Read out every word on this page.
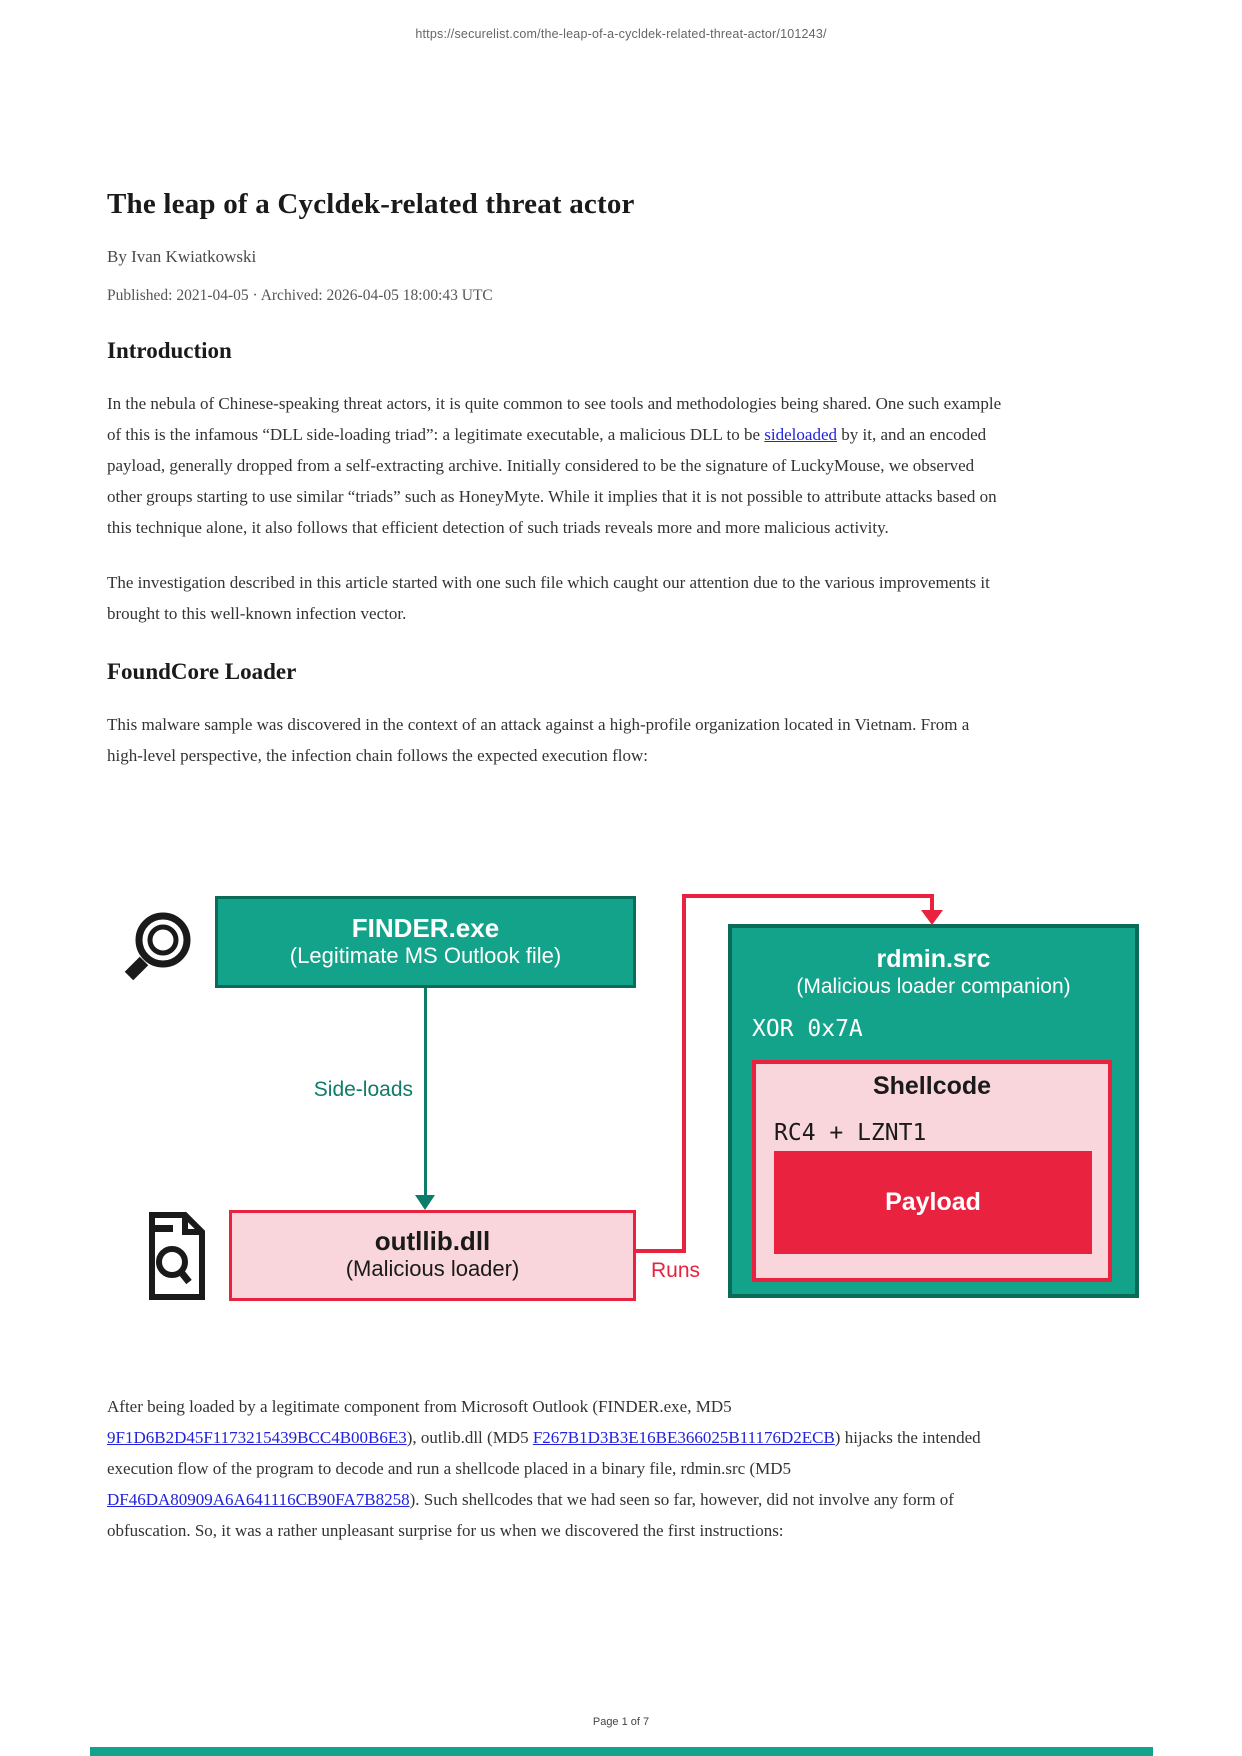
https://securelist.com/the-leap-of-a-cycldek-related-threat-actor/101243/
The leap of a Cycldek-related threat actor
By Ivan Kwiatkowski
Published: 2021-04-05 · Archived: 2026-04-05 18:00:43 UTC
Introduction

In the nebula of Chinese-speaking threat actors, it is quite common to see tools and methodologies being shared. One such example of this is the infamous “DLL side-loading triad”: a legitimate executable, a malicious DLL to be sideloaded by it, and an encoded payload, generally dropped from a self-extracting archive. Initially considered to be the signature of LuckyMouse, we observed other groups starting to use similar “triads” such as HoneyMyte. While it implies that it is not possible to attribute attacks based on this technique alone, it also follows that efficient detection of such triads reveals more and more malicious activity.

The investigation described in this article started with one such file which caught our attention due to the various improvements it brought to this well-known infection vector.

FoundCore Loader

This malware sample was discovered in the context of an attack against a high-profile organization located in Vietnam. From a high-level perspective, the infection chain follows the expected execution flow:

FINDER.exe
(Legitimate MS Outlook file)
Side-loads
outllib.dll
(Malicious loader)
rdmin.src
(Malicious loader companion)
XOR 0x7A
Shellcode
RC4 + LZNT1
Payload
Runs

After being loaded by a legitimate component from Microsoft Outlook (FINDER.exe, MD5 9F1D6B2D45F1173215439BCC4B00B6E3), outlib.dll (MD5 F267B1D3B3E16BE366025B11176D2ECB) hijacks the intended execution flow of the program to decode and run a shellcode placed in a binary file, rdmin.src (MD5 DF46DA80909A6A641116CB90FA7B8258). Such shellcodes that we had seen so far, however, did not involve any form of obfuscation. So, it was a rather unpleasant surprise for us when we discovered the first instructions:

Page 1 of 7
